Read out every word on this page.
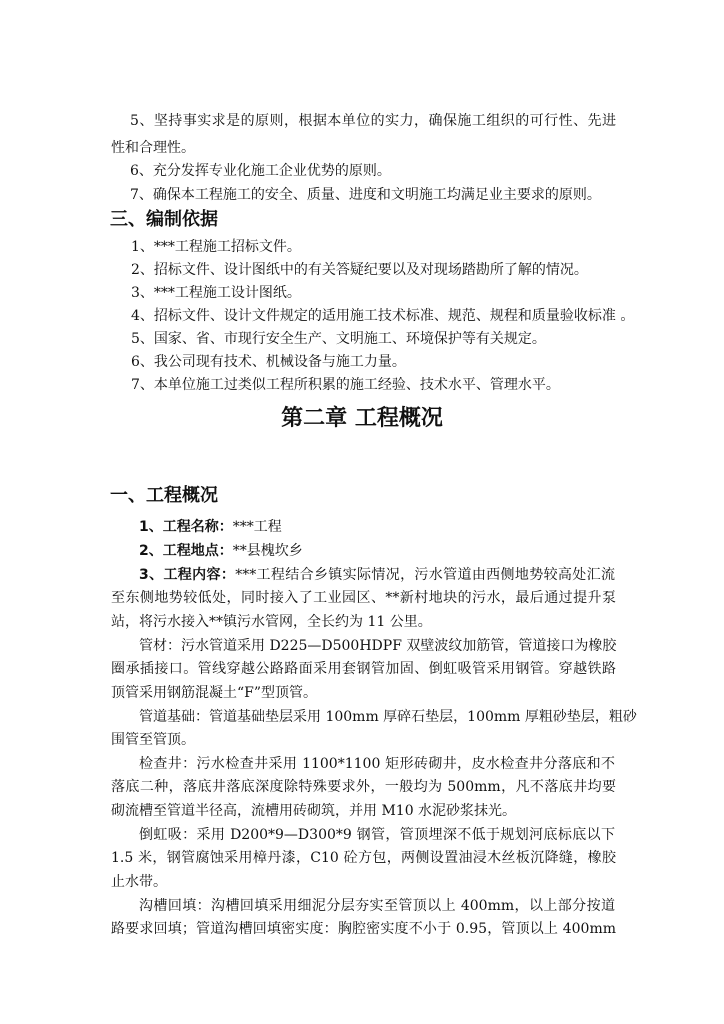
5、坚持事实求是的原则，根据本单位的实力，确保施工组织的可行性、先进
性和合理性。
6、充分发挥专业化施工企业优势的原则。
7、确保本工程施工的安全、质量、进度和文明施工均满足业主要求的原则。
三、编制依据
1、***工程施工招标文件。
2、招标文件、设计图纸中的有关答疑纪要以及对现场踏勘所了解的情况。
3、***工程施工设计图纸。
4、招标文件、设计文件规定的适用施工技术标准、规范、规程和质量验收标准 。
5、国家、省、市现行安全生产、文明施工、环境保护等有关规定。
6、我公司现有技术、机械设备与施工力量。
7、本单位施工过类似工程所积累的施工经验、技术水平、管理水平。
第二章 工程概况
一、工程概况
1、工程名称：***工程
2、工程地点：**县槐坎乡
3、工程内容：***工程结合乡镇实际情况，污水管道由西侧地势较高处汇流
至东侧地势较低处，同时接入了工业园区、**新村地块的污水，最后通过提升泵
站，将污水接入**镇污水管网，全长约为 11 公里。
管材：污水管道采用 D225—D500HDPF 双壁波纹加筋管，管道接口为橡胶
圈承插接口。管线穿越公路路面采用套钢管加固、倒虹吸管采用钢管。穿越铁路
顶管采用钢筋混凝土“F”型顶管。
管道基础：管道基础垫层采用 100mm 厚碎石垫层，100mm 厚粗砂垫层，粗砂
围管至管顶。
检查井：污水检查井采用 1100*1100 矩形砖砌井，皮水检查井分落底和不
落底二种，落底井落底深度除特殊要求外，一般均为 500mm，凡不落底井均要
砌流槽至管道半径高，流槽用砖砌筑，并用 M10 水泥砂浆抹光。
倒虹吸：采用 D200*9—D300*9 钢管，管顶埋深不低于规划河底标底以下
1.5 米，钢管腐蚀采用樟丹漆，C10 砼方包，两侧设置油浸木丝板沉降缝，橡胶
止水带。
沟槽回填：沟槽回填采用细泥分层夯实至管顶以上 400mm，以上部分按道
路要求回填；管道沟槽回填密实度：胸腔密实度不小于 0.95，管顶以上 400mm
